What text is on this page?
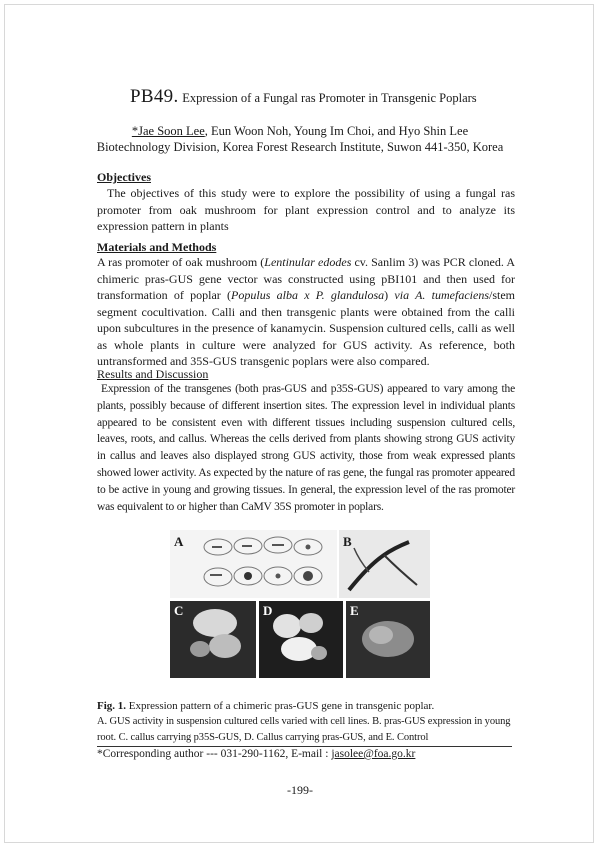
PB49. Expression of a Fungal ras Promoter in Transgenic Poplars
*Jae Soon Lee, Eun Woon Noh, Young Im Choi, and Hyo Shin Lee
Biotechnology Division, Korea Forest Research Institute, Suwon 441-350, Korea
Objectives
The objectives of this study were to explore the possibility of using a fungal ras promoter from oak mushroom for plant expression control and to analyze its expression pattern in plants
Materials and Methods
A ras promoter of oak mushroom (Lentinular edodes cv. Sanlim 3) was PCR cloned. A chimeric pras-GUS gene vector was constructed using pBI101 and then used for transformation of poplar (Populus alba x P. glandulosa) via A. tumefaciens/stem segment cocultivation. Calli and then transgenic plants were obtained from the calli upon subcultures in the presence of kanamycin. Suspension cultured cells, calli as well as whole plants in culture were analyzed for GUS activity. As reference, both untransformed and 35S-GUS transgenic poplars were also compared.
Results and Discussion
Expression of the transgenes (both pras-GUS and p35S-GUS) appeared to vary among the plants, possibly because of different insertion sites. The expression level in individual plants appeared to be consistent even with different tissues including suspension cultured cells, leaves, roots, and callus. Whereas the cells derived from plants showing strong GUS activity in callus and leaves also displayed strong GUS activity, those from weak expressed plants showed lower activity. As expected by the nature of ras gene, the fungal ras promoter appeared to be active in young and growing tissues. In general, the expression level of the ras promoter was equivalent to or higher than CaMV 35S promoter in poplars.
A	B
C	D	E
Fig. 1. Expression pattern of a chimeric pras-GUS gene in transgenic poplar.
A. GUS activity in suspension cultured cells varied with cell lines. B. pras-GUS expression in young root. C. callus carrying p35S-GUS, D. Callus carrying pras-GUS, and E. Control
*Corresponding author --- 031-290-1162, E-mail : jasolee@foa.go.kr
-199-
